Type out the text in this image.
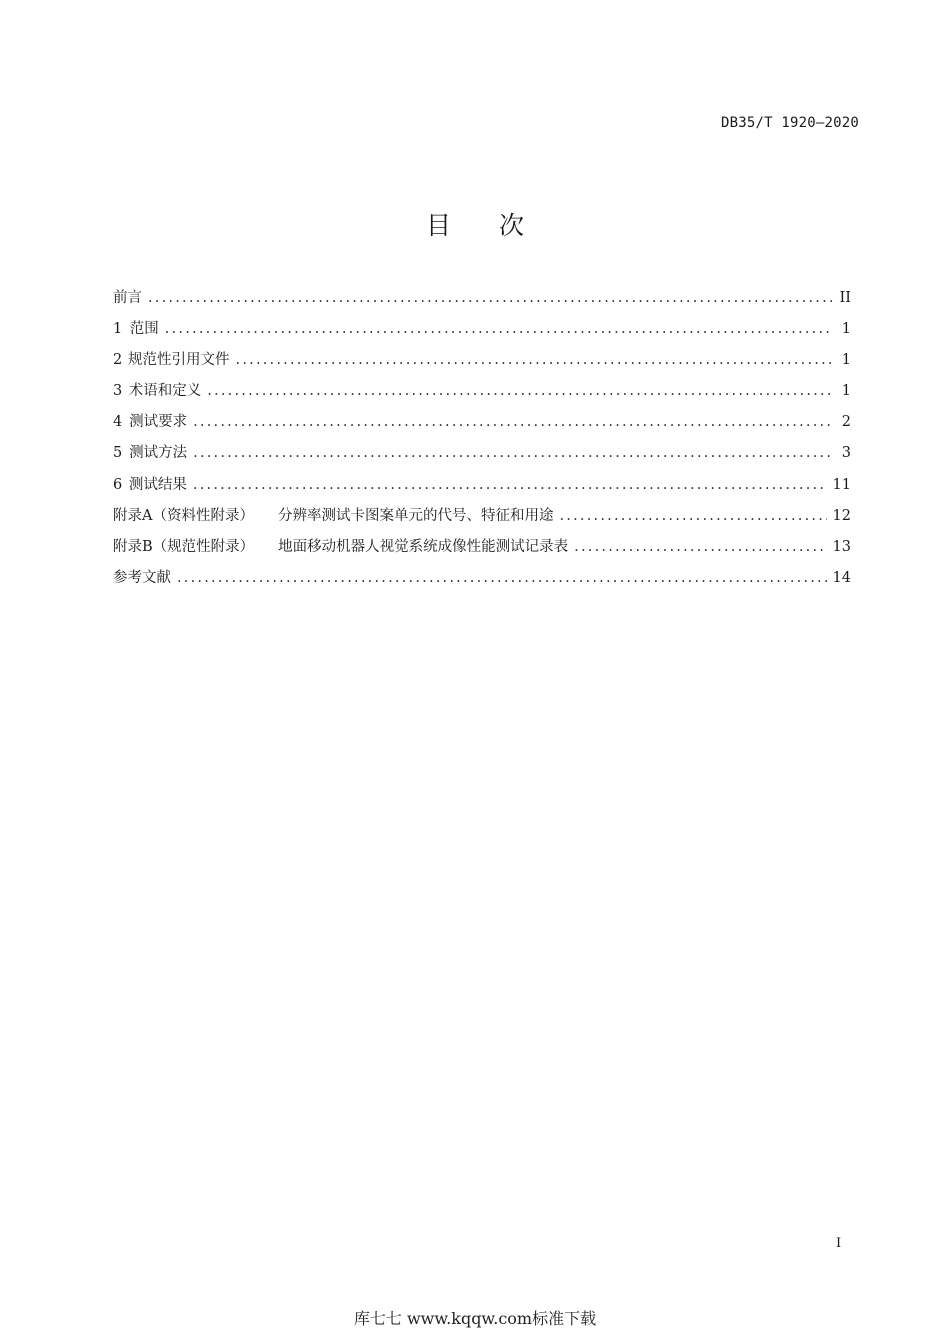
DB35/T 1920—2020
目 次
前言 .....	II
1 范围 .....	1
2 规范性引用文件 .....	1
3 术语和定义 .....	1
4 测试要求 .....	2
5 测试方法 .....	3
6 测试结果 .....	11
附录A（资料性附录） 分辨率测试卡图案单元的代号、特征和用途 .....	12
附录B（规范性附录） 地面移动机器人视觉系统成像性能测试记录表 .....	13
参考文献 .....	14
I
库七七 www.kqqw.com标准下载
